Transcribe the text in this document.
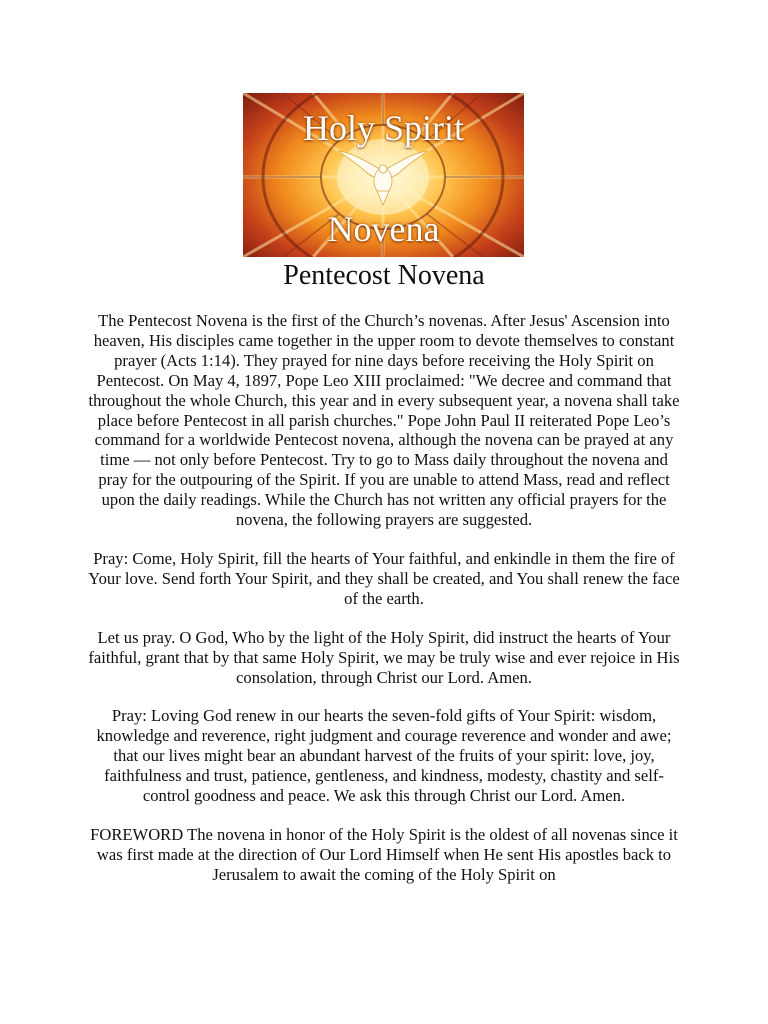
Holy Spirit
Novena
Pentecost Novena

The Pentecost Novena is the first of the Church’s novenas. After Jesus' Ascension into heaven, His disciples came together in the upper room to devote themselves to constant prayer (Acts 1:14). They prayed for nine days before receiving the Holy Spirit on Pentecost. On May 4, 1897, Pope Leo XIII proclaimed: "We decree and command that throughout the whole Church, this year and in every subsequent year, a novena shall take place before Pentecost in all parish churches." Pope John Paul II reiterated Pope Leo’s command for a worldwide Pentecost novena, although the novena can be prayed at any time — not only before Pentecost. Try to go to Mass daily throughout the novena and pray for the outpouring of the Spirit. If you are unable to attend Mass, read and reflect upon the daily readings. While the Church has not written any official prayers for the novena, the following prayers are suggested.

Pray: Come, Holy Spirit, fill the hearts of Your faithful, and enkindle in them the fire of Your love. Send forth Your Spirit, and they shall be created, and You shall renew the face of the earth.

Let us pray. O God, Who by the light of the Holy Spirit, did instruct the hearts of Your faithful, grant that by that same Holy Spirit, we may be truly wise and ever rejoice in His consolation, through Christ our Lord. Amen.

Pray: Loving God renew in our hearts the seven-fold gifts of Your Spirit: wisdom, knowledge and reverence, right judgment and courage reverence and wonder and awe; that our lives might bear an abundant harvest of the fruits of your spirit: love, joy, faithfulness and trust, patience, gentleness, and kindness, modesty, chastity and self-control goodness and peace. We ask this through Christ our Lord. Amen.

FOREWORD The novena in honor of the Holy Spirit is the oldest of all novenas since it was first made at the direction of Our Lord Himself when He sent His apostles back to Jerusalem to await the coming of the Holy Spirit on
